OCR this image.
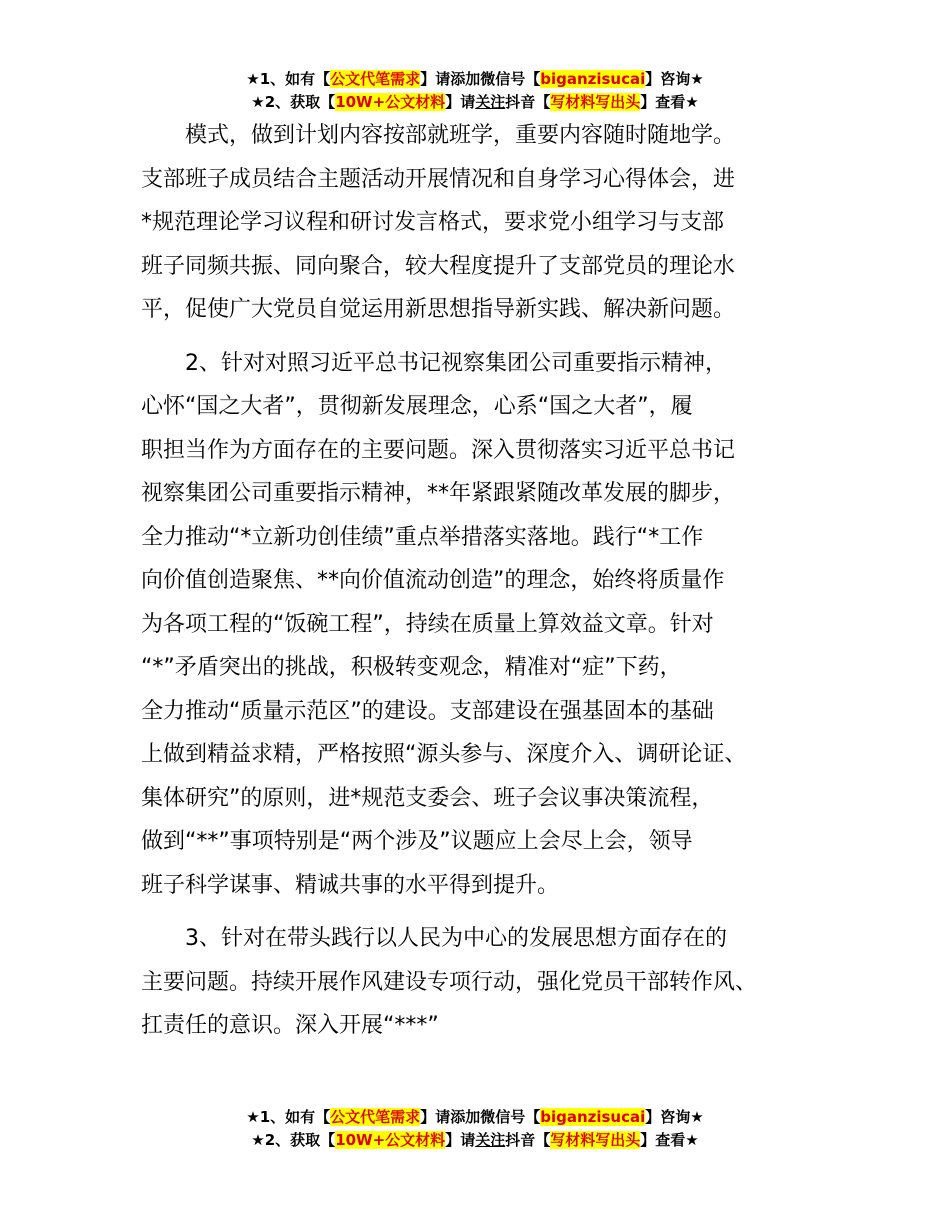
★1、如有【公文代笔需求】请添加微信号【biganzisucai】咨询★
★2、获取【10W+公文材料】请关注抖音【写材料写出头】查看★
　　模式，做到计划内容按部就班学，重要内容随时随地学。
支部班子成员结合主题活动开展情况和自身学习心得体会，进
*规范理论学习议程和研讨发言格式，要求党小组学习与支部
班子同频共振、同向聚合，较大程度提升了支部党员的理论水
平，促使广大党员自觉运用新思想指导新实践、解决新问题。
　　2、针对对照习近平总书记视察集团公司重要指示精神，
心怀“国之大者”，贯彻新发展理念，心系“国之大者”，履
职担当作为方面存在的主要问题。深入贯彻落实习近平总书记
视察集团公司重要指示精神，**年紧跟紧随改革发展的脚步，
全力推动“*立新功创佳绩”重点举措落实落地。践行“*工作
向价值创造聚焦、**向价值流动创造”的理念，始终将质量作
为各项工程的“饭碗工程”，持续在质量上算效益文章。针对
“*”矛盾突出的挑战，积极转变观念，精准对“症”下药，
全力推动“质量示范区”的建设。支部建设在强基固本的基础
上做到精益求精，严格按照“源头参与、深度介入、调研论证、
集体研究”的原则，进*规范支委会、班子会议事决策流程，
做到“**”事项特别是“两个涉及”议题应上会尽上会，领导
班子科学谋事、精诚共事的水平得到提升。
　　3、针对在带头践行以人民为中心的发展思想方面存在的
主要问题。持续开展作风建设专项行动，强化党员干部转作风、
扛责任的意识。深入开展“***”
★1、如有【公文代笔需求】请添加微信号【biganzisucai】咨询★
★2、获取【10W+公文材料】请关注抖音【写材料写出头】查看★
